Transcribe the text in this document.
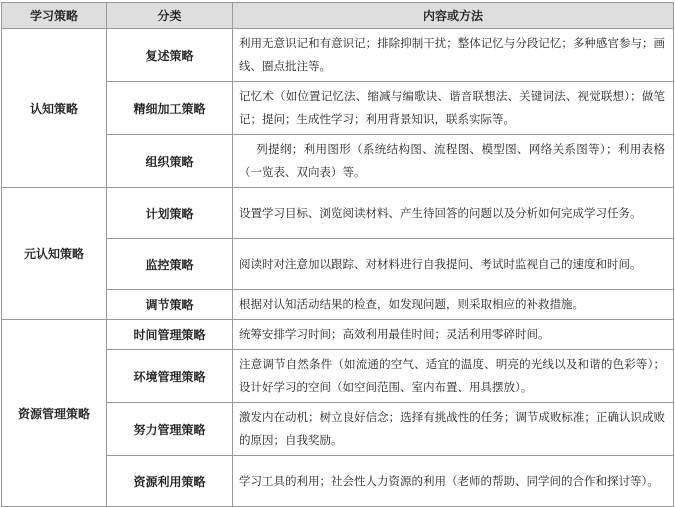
学习策略	分类	内容或方法
认知策略	复述策略	利用无意识记和有意识记；排除抑制干扰；整体记忆与分段记忆；多种感官参与；画线、圈点批注等。
	精细加工策略	记忆术（如位置记忆法、缩减与编歌诀、谐音联想法、关键词法、视觉联想）；做笔记；提问；生成性学习；利用背景知识，联系实际等。
	组织策略	列提纲；利用图形（系统结构图、流程图、模型图、网络关系图等）；利用表格（一览表、双向表）等。
元认知策略	计划策略	设置学习目标、浏览阅读材料、产生待回答的问题以及分析如何完成学习任务。
	监控策略	阅读时对注意加以跟踪、对材料进行自我提问、考试时监视自己的速度和时间。
	调节策略	根据对认知活动结果的检查，如发现问题，则采取相应的补救措施。
资源管理策略	时间管理策略	统筹安排学习时间；高效利用最佳时间；灵活利用零碎时间。
	环境管理策略	注意调节自然条件（如流通的空气、适宜的温度、明亮的光线以及和谐的色彩等）；设计好学习的空间（如空间范围、室内布置、用具摆放）。
	努力管理策略	激发内在动机；树立良好信念；选择有挑战性的任务；调节成败标准；正确认识成败的原因；自我奖励。
	资源利用策略	学习工具的利用；社会性人力资源的利用（老师的帮助、同学间的合作和探讨等）。
